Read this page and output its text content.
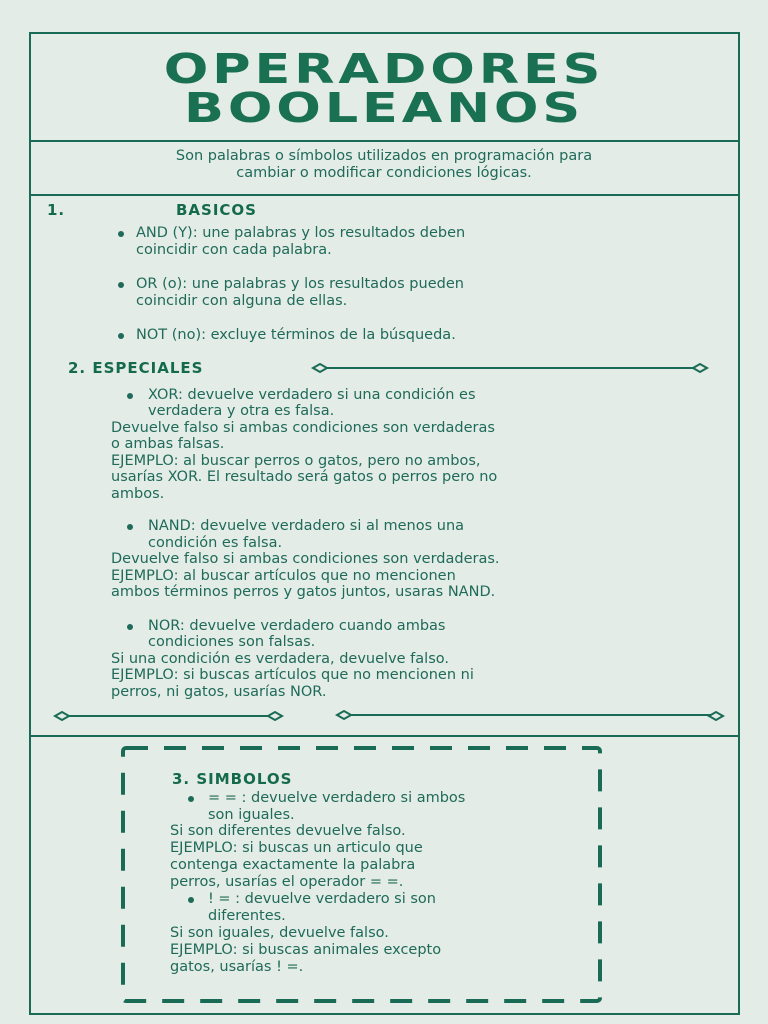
OPERADORES
BOOLEANOS
Son palabras o símbolos utilizados en programación para
cambiar o modificar condiciones lógicas.
1.	BASICOS
AND (Y): une palabras y los resultados deben
coincidir con cada palabra.
OR (o): une palabras y los resultados pueden
coincidir con alguna de ellas.
NOT (no): excluye términos de la búsqueda.
2. ESPECIALES
XOR: devuelve verdadero si una condición es
verdadera y otra es falsa.
Devuelve falso si ambas condiciones son verdaderas
o ambas falsas.
EJEMPLO: al buscar perros o gatos, pero no ambos,
usarías XOR. El resultado será gatos o perros pero no
ambos.
NAND: devuelve verdadero si al menos una
condición es falsa.
Devuelve falso si ambas condiciones son verdaderas.
EJEMPLO: al buscar artículos que no mencionen
ambos términos perros y gatos juntos, usaras NAND.
NOR: devuelve verdadero cuando ambas
condiciones son falsas.
Si una condición es verdadera, devuelve falso.
EJEMPLO: si buscas artículos que no mencionen ni
perros, ni gatos, usarías NOR.
3. SIMBOLOS
= = : devuelve verdadero si ambos
son iguales.
Si son diferentes devuelve falso.
EJEMPLO: si buscas un articulo que
contenga exactamente la palabra
perros, usarías el operador = =.
! = : devuelve verdadero si son
diferentes.
Si son iguales, devuelve falso.
EJEMPLO: si buscas animales excepto
gatos, usarías ! =.
